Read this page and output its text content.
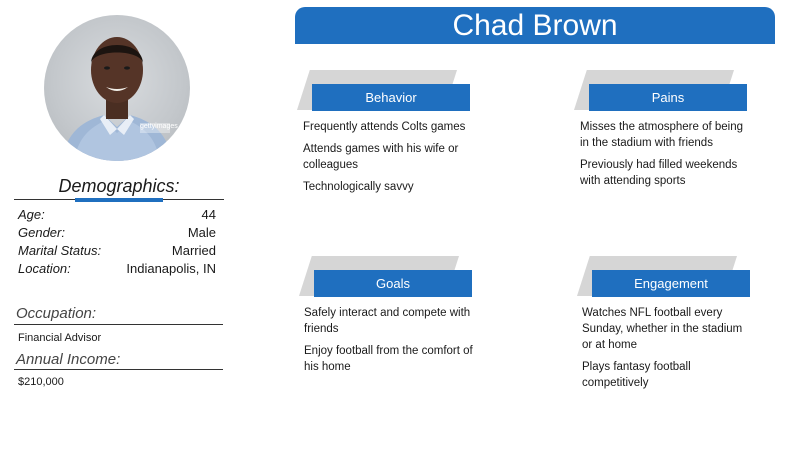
gettyimages
Demographics:
Age:	44
Gender:	Male
Marital Status:	Married
Location:	Indianapolis, IN
Occupation:
Financial Advisor
Annual Income:
$210,000
Chad Brown
Behavior
Frequently attends Colts games
Attends games with his wife or colleagues
Technologically savvy
Pains
Misses the atmosphere of being in the stadium with friends
Previously had filled weekends with attending sports
Goals
Safely interact and compete with friends
Enjoy football from the comfort of his home
Engagement
Watches NFL football every Sunday, whether in the stadium or at home
Plays fantasy football competitively
